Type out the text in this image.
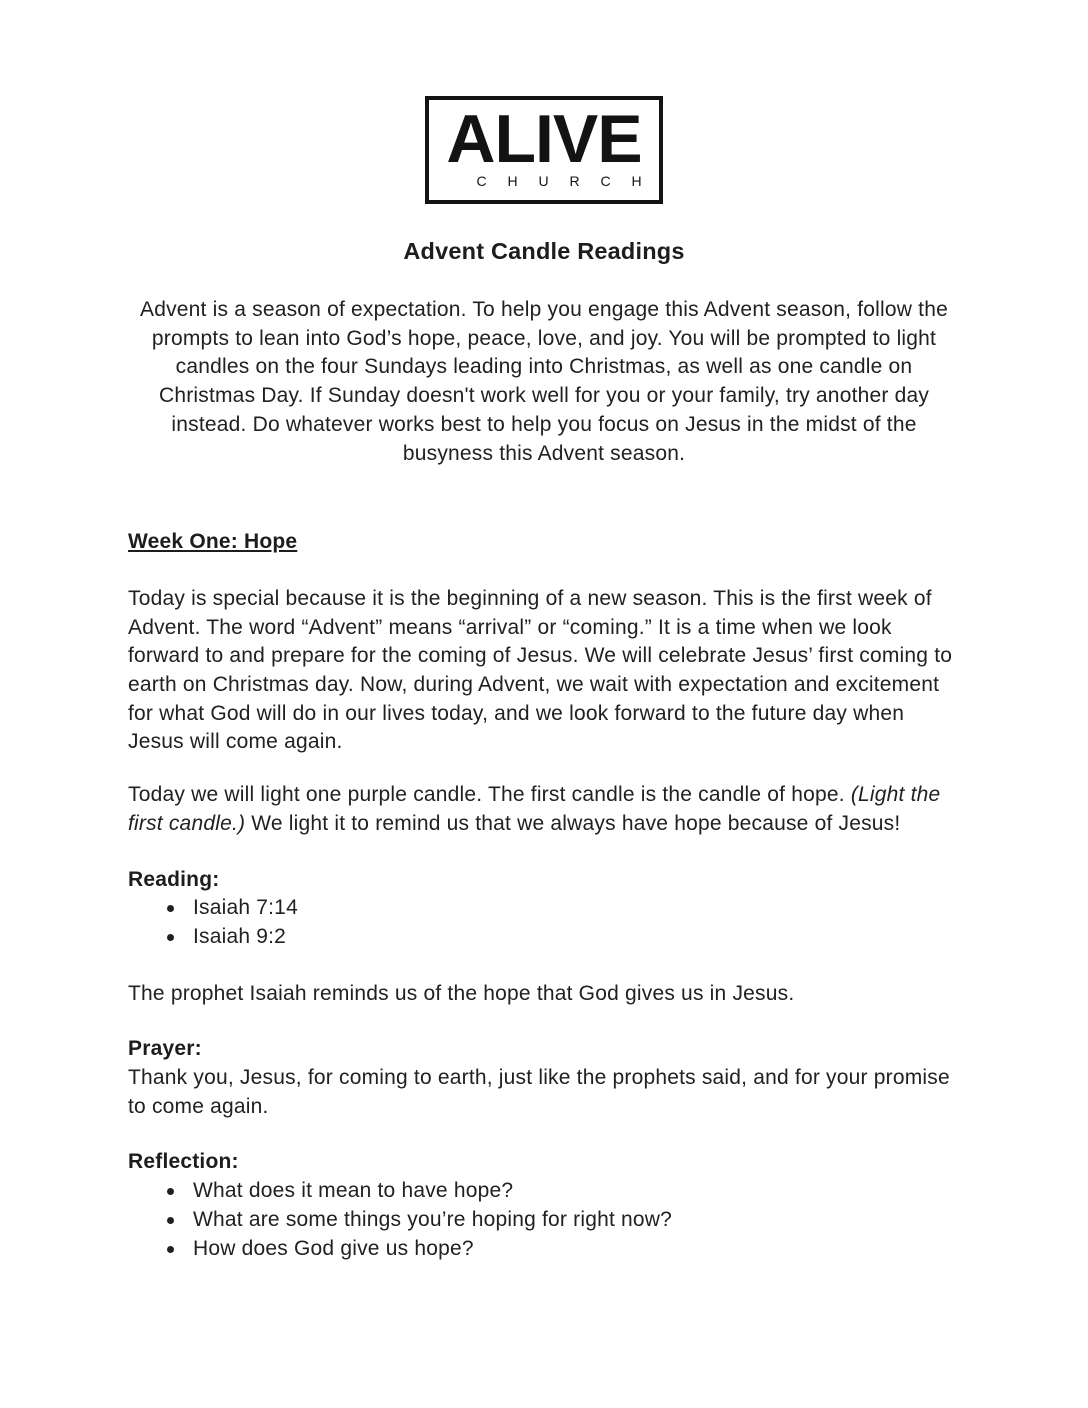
ALIVE
C H U R C H
Advent Candle Readings

Advent is a season of expectation. To help you engage this Advent season, follow the prompts to lean into God’s hope, peace, love, and joy. You will be prompted to light candles on the four Sundays leading into Christmas, as well as one candle on Christmas Day. If Sunday doesn't work well for you or your family, try another day instead. Do whatever works best to help you focus on Jesus in the midst of the busyness this Advent season.

Week One: Hope

Today is special because it is the beginning of a new season. This is the first week of Advent. The word “Advent” means “arrival” or “coming.” It is a time when we look forward to and prepare for the coming of Jesus. We will celebrate Jesus’ first coming to earth on Christmas day. Now, during Advent, we wait with expectation and excitement for what God will do in our lives today, and we look forward to the future day when Jesus will come again.

Today we will light one purple candle. The first candle is the candle of hope. (Light the first candle.) We light it to remind us that we always have hope because of Jesus!

Reading:
Isaiah 7:14
Isaiah 9:2

The prophet Isaiah reminds us of the hope that God gives us in Jesus.

Prayer:

Thank you, Jesus, for coming to earth, just like the prophets said, and for your promise to come again.

Reflection:
What does it mean to have hope?
What are some things you’re hoping for right now?
How does God give us hope?
